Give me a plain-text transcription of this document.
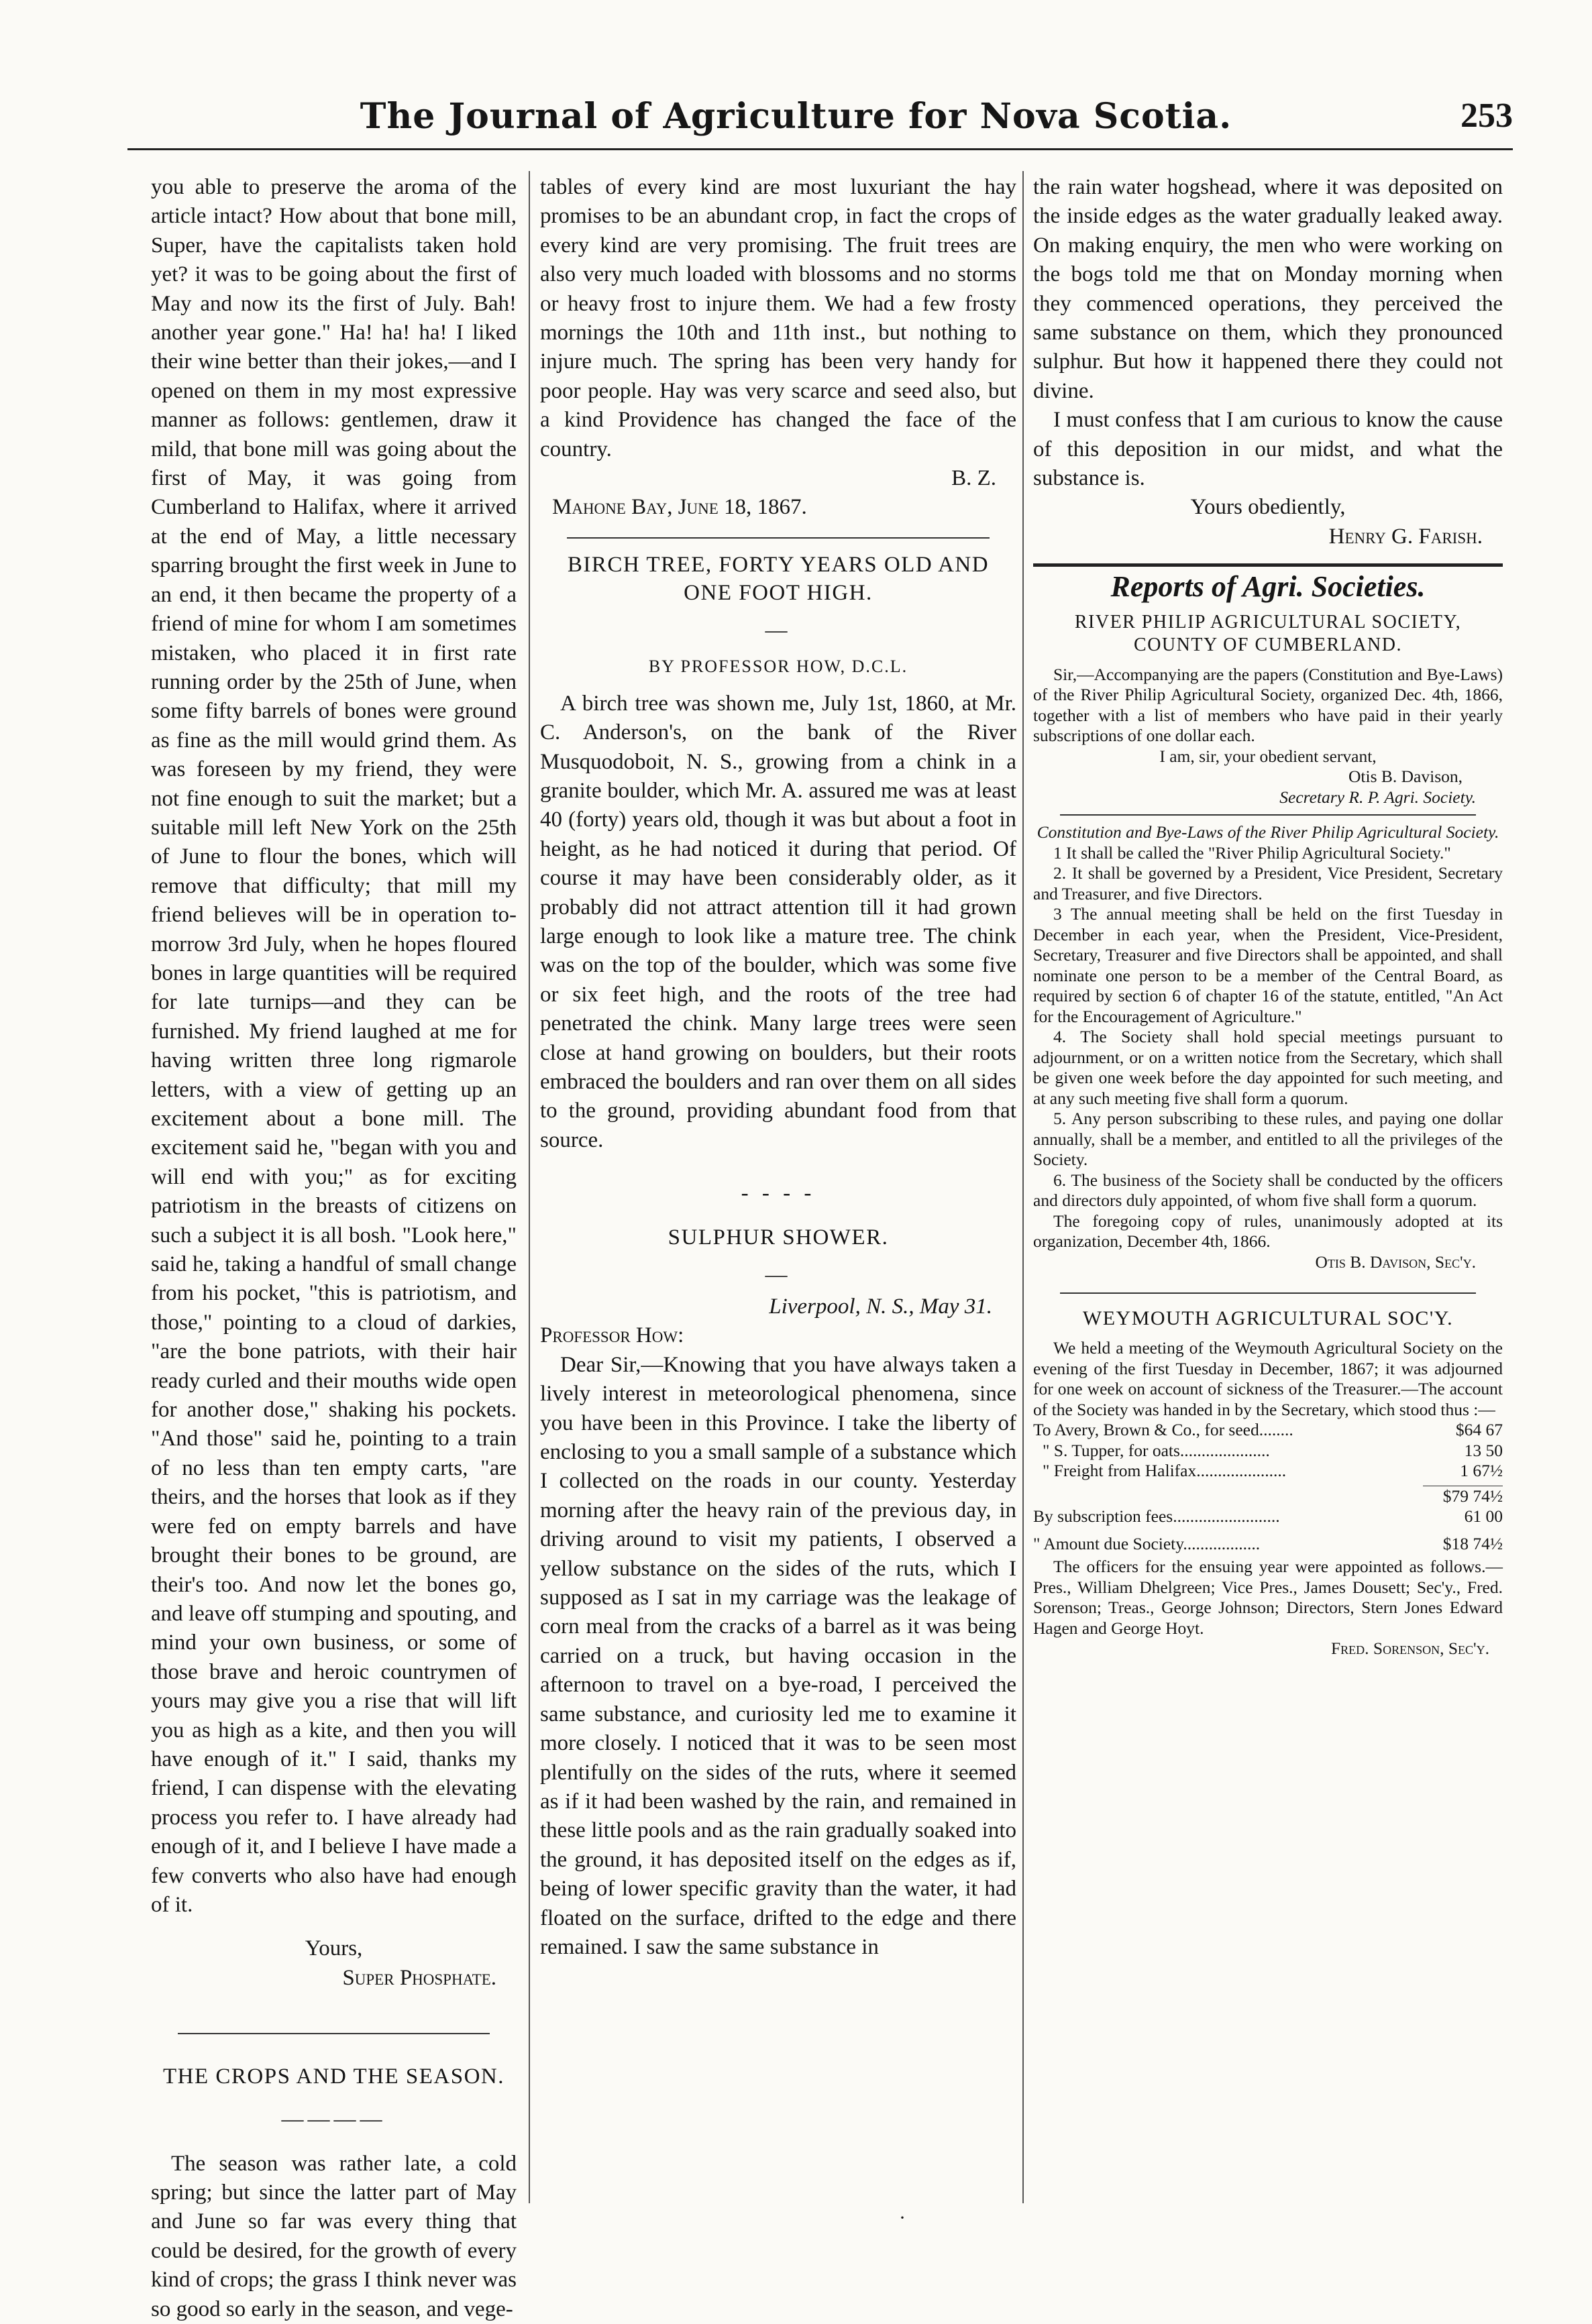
The Journal of Agriculture for Nova Scotia.	253

you able to preserve the aroma of the article intact? How about that bone mill, Super, have the capitalists taken hold yet? it was to be going about the first of May and now its the first of July. Bah! another year gone." Ha! ha! ha! I liked their wine better than their jokes,—and I opened on them in my most expressive manner as follows: gentlemen, draw it mild, that bone mill was going about the first of May, it was going from Cumberland to Halifax, where it arrived at the end of May, a little necessary sparring brought the first week in June to an end, it then became the property of a friend of mine for whom I am sometimes mistaken, who placed it in first rate running order by the 25th of June, when some fifty barrels of bones were ground as fine as the mill would grind them. As was foreseen by my friend, they were not fine enough to suit the market; but a suitable mill left New York on the 25th of June to flour the bones, which will remove that difficulty; that mill my friend believes will be in operation to-morrow 3rd July, when he hopes floured bones in large quantities will be required for late turnips—and they can be furnished. My friend laughed at me for having written three long rigmarole letters, with a view of getting up an excitement about a bone mill. The excitement said he, "began with you and will end with you;" as for exciting patriotism in the breasts of citizens on such a subject it is all bosh. "Look here," said he, taking a handful of small change from his pocket, "this is patriotism, and those," pointing to a cloud of darkies, "are the bone patriots, with their hair ready curled and their mouths wide open for another dose," shaking his pockets. "And those" said he, pointing to a train of no less than ten empty carts, "are theirs, and the horses that look as if they were fed on empty barrels and have brought their bones to be ground, are their's too. And now let the bones go, and leave off stumping and spouting, and mind your own business, or some of those brave and heroic countrymen of yours may give you a rise that will lift you as high as a kite, and then you will have enough of it." I said, thanks my friend, I can dispense with the elevating process you refer to. I have already had enough of it, and I believe I have made a few converts who also have had enough of it.

Yours,

Super Phosphate.

THE CROPS AND THE SEASON.
————

The season was rather late, a cold spring; but since the latter part of May and June so far was every thing that could be desired, for the growth of every kind of crops; the grass I think never was so good so early in the season, and vege-

tables of every kind are most luxuriant the hay promises to be an abundant crop, in fact the crops of every kind are very promising. The fruit trees are also very much loaded with blossoms and no storms or heavy frost to injure them. We had a few frosty mornings the 10th and 11th inst., but nothing to injure much. The spring has been very handy for poor people. Hay was very scarce and seed also, but a kind Providence has changed the face of the country.

B. Z.

Mahone Bay, June 18, 1867.

BIRCH TREE, FORTY YEARS OLD AND ONE FOOT HIGH.
—
BY PROFESSOR HOW, D.C.L.

A birch tree was shown me, July 1st, 1860, at Mr. C. Anderson's, on the bank of the River Musquodoboit, N. S., growing from a chink in a granite boulder, which Mr. A. assured me was at least 40 (forty) years old, though it was but about a foot in height, as he had noticed it during that period. Of course it may have been considerably older, as it probably did not attract attention till it had grown large enough to look like a mature tree. The chink was on the top of the boulder, which was some five or six feet high, and the roots of the tree had penetrated the chink. Many large trees were seen close at hand growing on boulders, but their roots embraced the boulders and ran over them on all sides to the ground, providing abundant food from that source.

- - - -
SULPHUR SHOWER.
—

Liverpool, N. S., May 31.

Professor How:

Dear Sir,—Knowing that you have always taken a lively interest in meteorological phenomena, since you have been in this Province. I take the liberty of enclosing to you a small sample of a substance which I collected on the roads in our county. Yesterday morning after the heavy rain of the previous day, in driving around to visit my patients, I observed a yellow substance on the sides of the ruts, which I supposed as I sat in my carriage was the leakage of corn meal from the cracks of a barrel as it was being carried on a truck, but having occasion in the afternoon to travel on a bye-road, I perceived the same substance, and curiosity led me to examine it more closely. I noticed that it was to be seen most plentifully on the sides of the ruts, where it seemed as if it had been washed by the rain, and remained in these little pools and as the rain gradually soaked into the ground, it has deposited itself on the edges as if, being of lower specific gravity than the water, it had floated on the surface, drifted to the edge and there remained. I saw the same substance in

the rain water hogshead, where it was deposited on the inside edges as the water gradually leaked away. On making enquiry, the men who were working on the bogs told me that on Monday morning when they commenced operations, they perceived the same substance on them, which they pronounced sulphur. But how it happened there they could not divine.

I must confess that I am curious to know the cause of this deposition in our midst, and what the substance is.

Yours obediently,

Henry G. Farish.

Reports of Agri. Societies.
RIVER PHILIP AGRICULTURAL SOCIETY, COUNTY OF CUMBERLAND.

Sir,—Accompanying are the papers (Constitution and Bye-Laws) of the River Philip Agricultural Society, organized Dec. 4th, 1866, together with a list of members who have paid in their yearly subscriptions of one dollar each.

I am, sir, your obedient servant,

Otis B. Davison,

Secretary R. P. Agri. Society.

Constitution and Bye-Laws of the River Philip Agricultural Society.

1 It shall be called the "River Philip Agricultural Society."

2. It shall be governed by a President, Vice President, Secretary and Treasurer, and five Directors.

3 The annual meeting shall be held on the first Tuesday in December in each year, when the President, Vice-President, Secretary, Treasurer and five Directors shall be appointed, and shall nominate one person to be a member of the Central Board, as required by section 6 of chapter 16 of the statute, entitled, "An Act for the Encouragement of Agriculture."

4. The Society shall hold special meetings pursuant to adjournment, or on a written notice from the Secretary, which shall be given one week before the day appointed for such meeting, and at any such meeting five shall form a quorum.

5. Any person subscribing to these rules, and paying one dollar annually, shall be a member, and entitled to all the privileges of the Society.

6. The business of the Society shall be conducted by the officers and directors duly appointed, of whom five shall form a quorum.

The foregoing copy of rules, unanimously adopted at its organization, December 4th, 1866.

Otis B. Davison, Sec'y.

WEYMOUTH AGRICULTURAL SOC'Y.

We held a meeting of the Weymouth Agricultural Society on the evening of the first Tuesday in December, 1867; it was adjourned for one week on account of sickness of the Treasurer.—The account of the Society was handed in by the Secretary, which stood thus :—

To Avery, Brown & Co., for seed........	$64 67
" S. Tupper, for oats.....................	13 50
" Freight from Halifax.....................	1 67½
$79 74½
By subscription fees.........................	61 00
" Amount due Society..................	$18 74½

The officers for the ensuing year were appointed as follows.—Pres., William Dhelgreen; Vice Pres., James Dousett; Sec'y., Fred. Sorenson; Treas., George Johnson; Directors, Stern Jones Edward Hagen and George Hoyt.

Fred. Sorenson, Sec'y.

·
